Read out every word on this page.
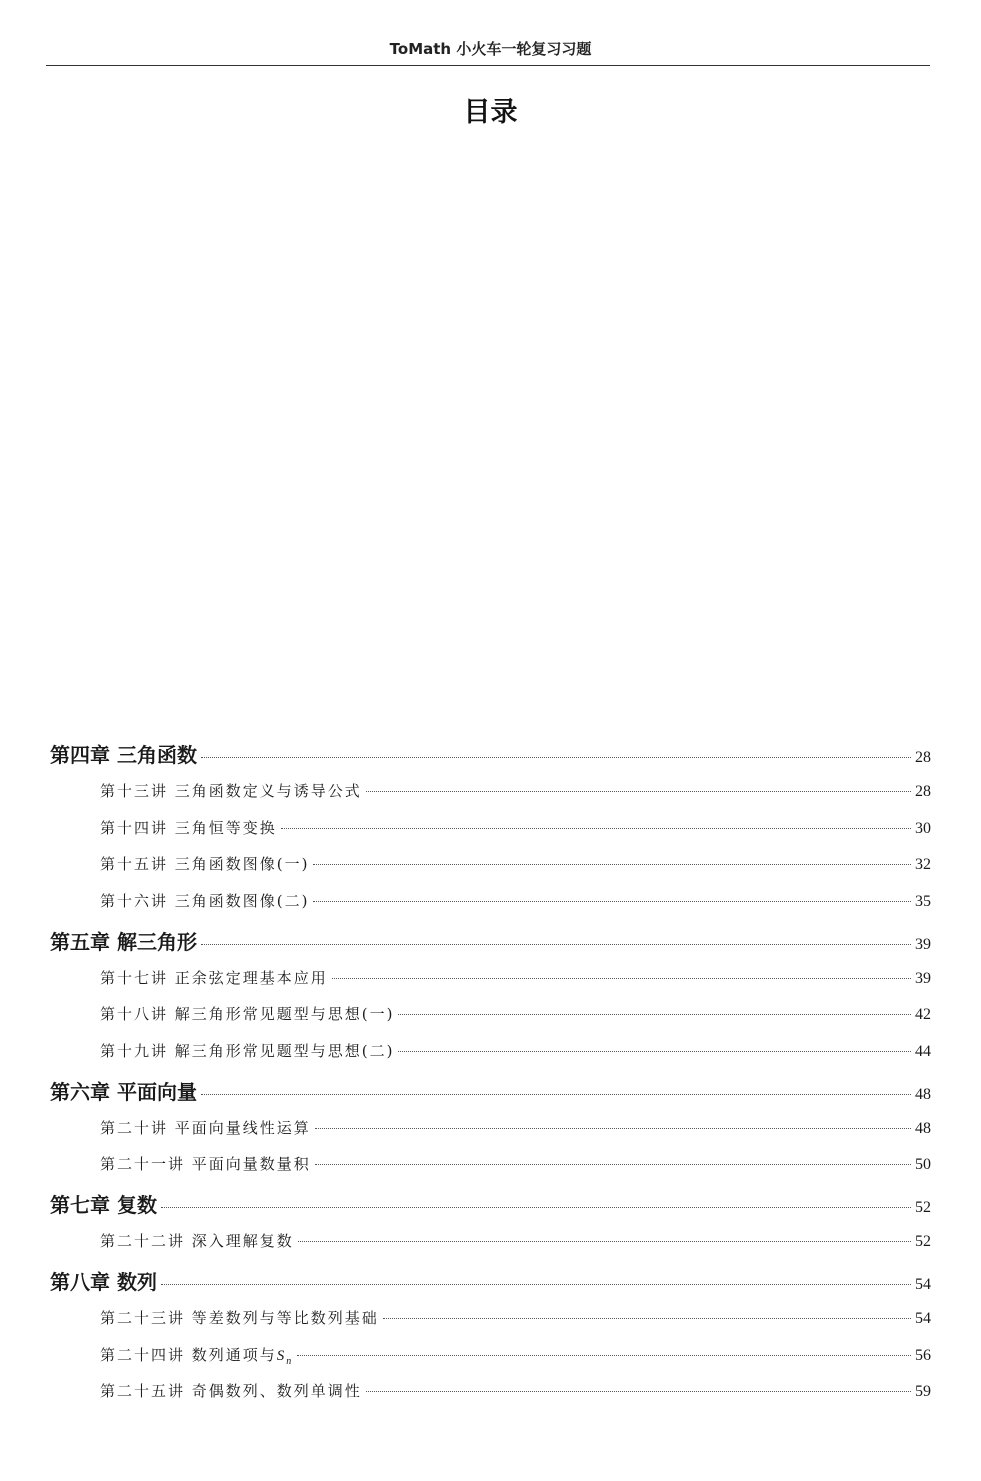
ToMath 小火车一轮复习习题
目录
第四章 三角函数	28
第十三讲 三角函数定义与诱导公式	28
第十四讲 三角恒等变换	30
第十五讲 三角函数图像(一)	32
第十六讲 三角函数图像(二)	35
第五章 解三角形	39
第十七讲 正余弦定理基本应用	39
第十八讲 解三角形常见题型与思想(一)	42
第十九讲 解三角形常见题型与思想(二)	44
第六章 平面向量	48
第二十讲 平面向量线性运算	48
第二十一讲 平面向量数量积	50
第七章 复数	52
第二十二讲 深入理解复数	52
第八章 数列	54
第二十三讲 等差数列与等比数列基础	54
第二十四讲 数列通项与$S_n$	56
第二十五讲 奇偶数列、数列单调性	59
